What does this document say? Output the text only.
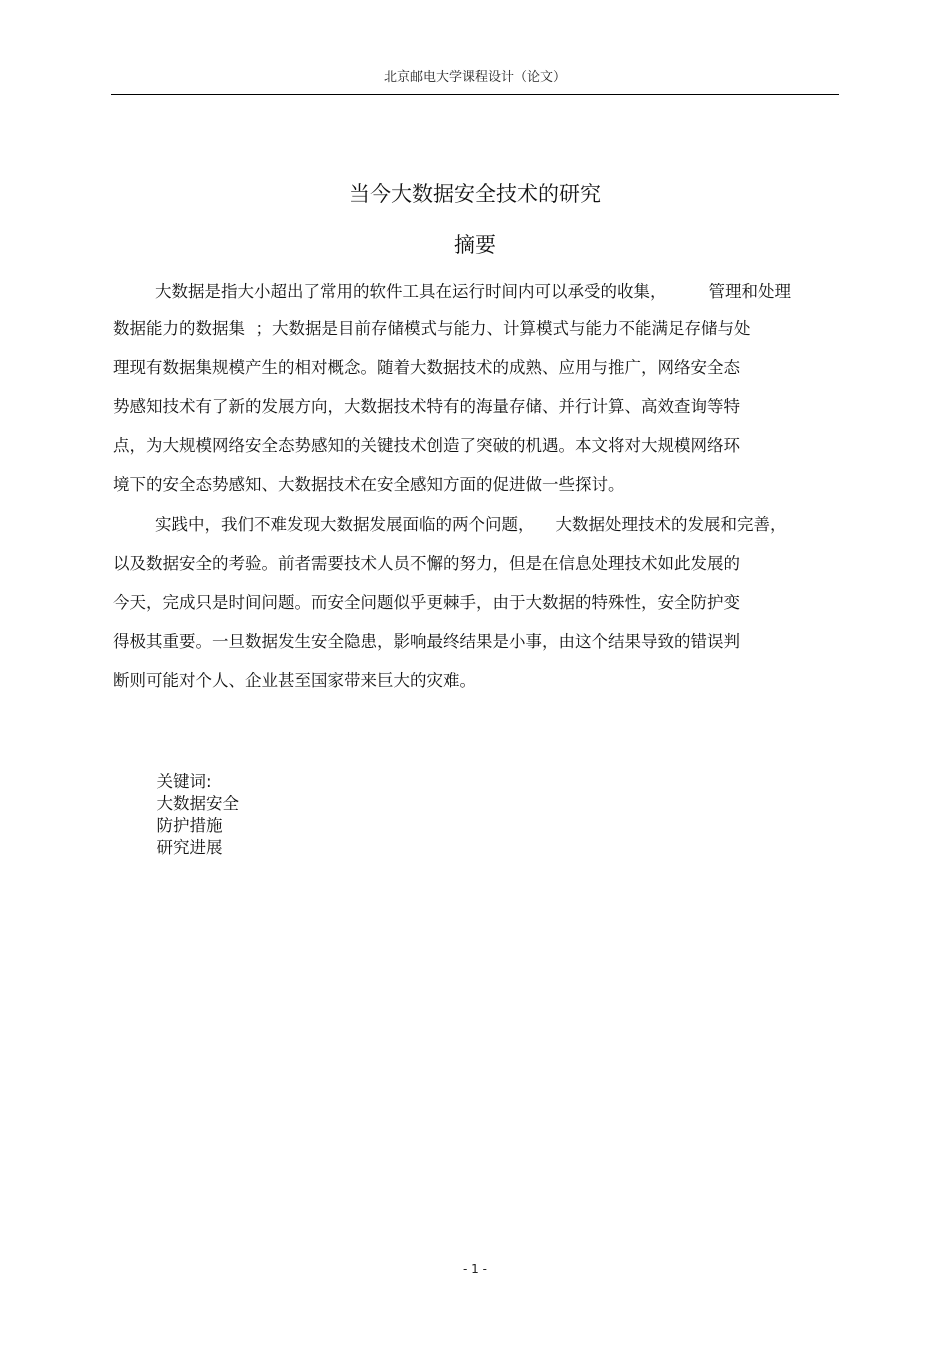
北京邮电大学课程设计（论文）
当今大数据安全技术的研究
摘要
大数据是指大小超出了常用的软件工具在运行时间内可以承受的收集，        管理和处理
数据能力的数据集  ；大数据是目前存储模式与能力、计算模式与能力不能满足存储与处
理现有数据集规模产生的相对概念。随着大数据技术的成熟、应用与推广，网络安全态
势感知技术有了新的发展方向，大数据技术特有的海量存储、并行计算、高效查询等特
点，为大规模网络安全态势感知的关键技术创造了突破的机遇。本文将对大规模网络环
境下的安全态势感知、大数据技术在安全感知方面的促进做一些探讨。
实践中，我们不难发现大数据发展面临的两个问题，    大数据处理技术的发展和完善，
以及数据安全的考验。前者需要技术人员不懈的努力，但是在信息处理技术如此发展的
今天，完成只是时间问题。而安全问题似乎更棘手，由于大数据的特殊性，安全防护变
得极其重要。一旦数据发生安全隐患，影响最终结果是小事，由这个结果导致的错误判
断则可能对个人、企业甚至国家带来巨大的灾难。

关键词:
大数据安全
防护措施
研究进展

- 1 -
